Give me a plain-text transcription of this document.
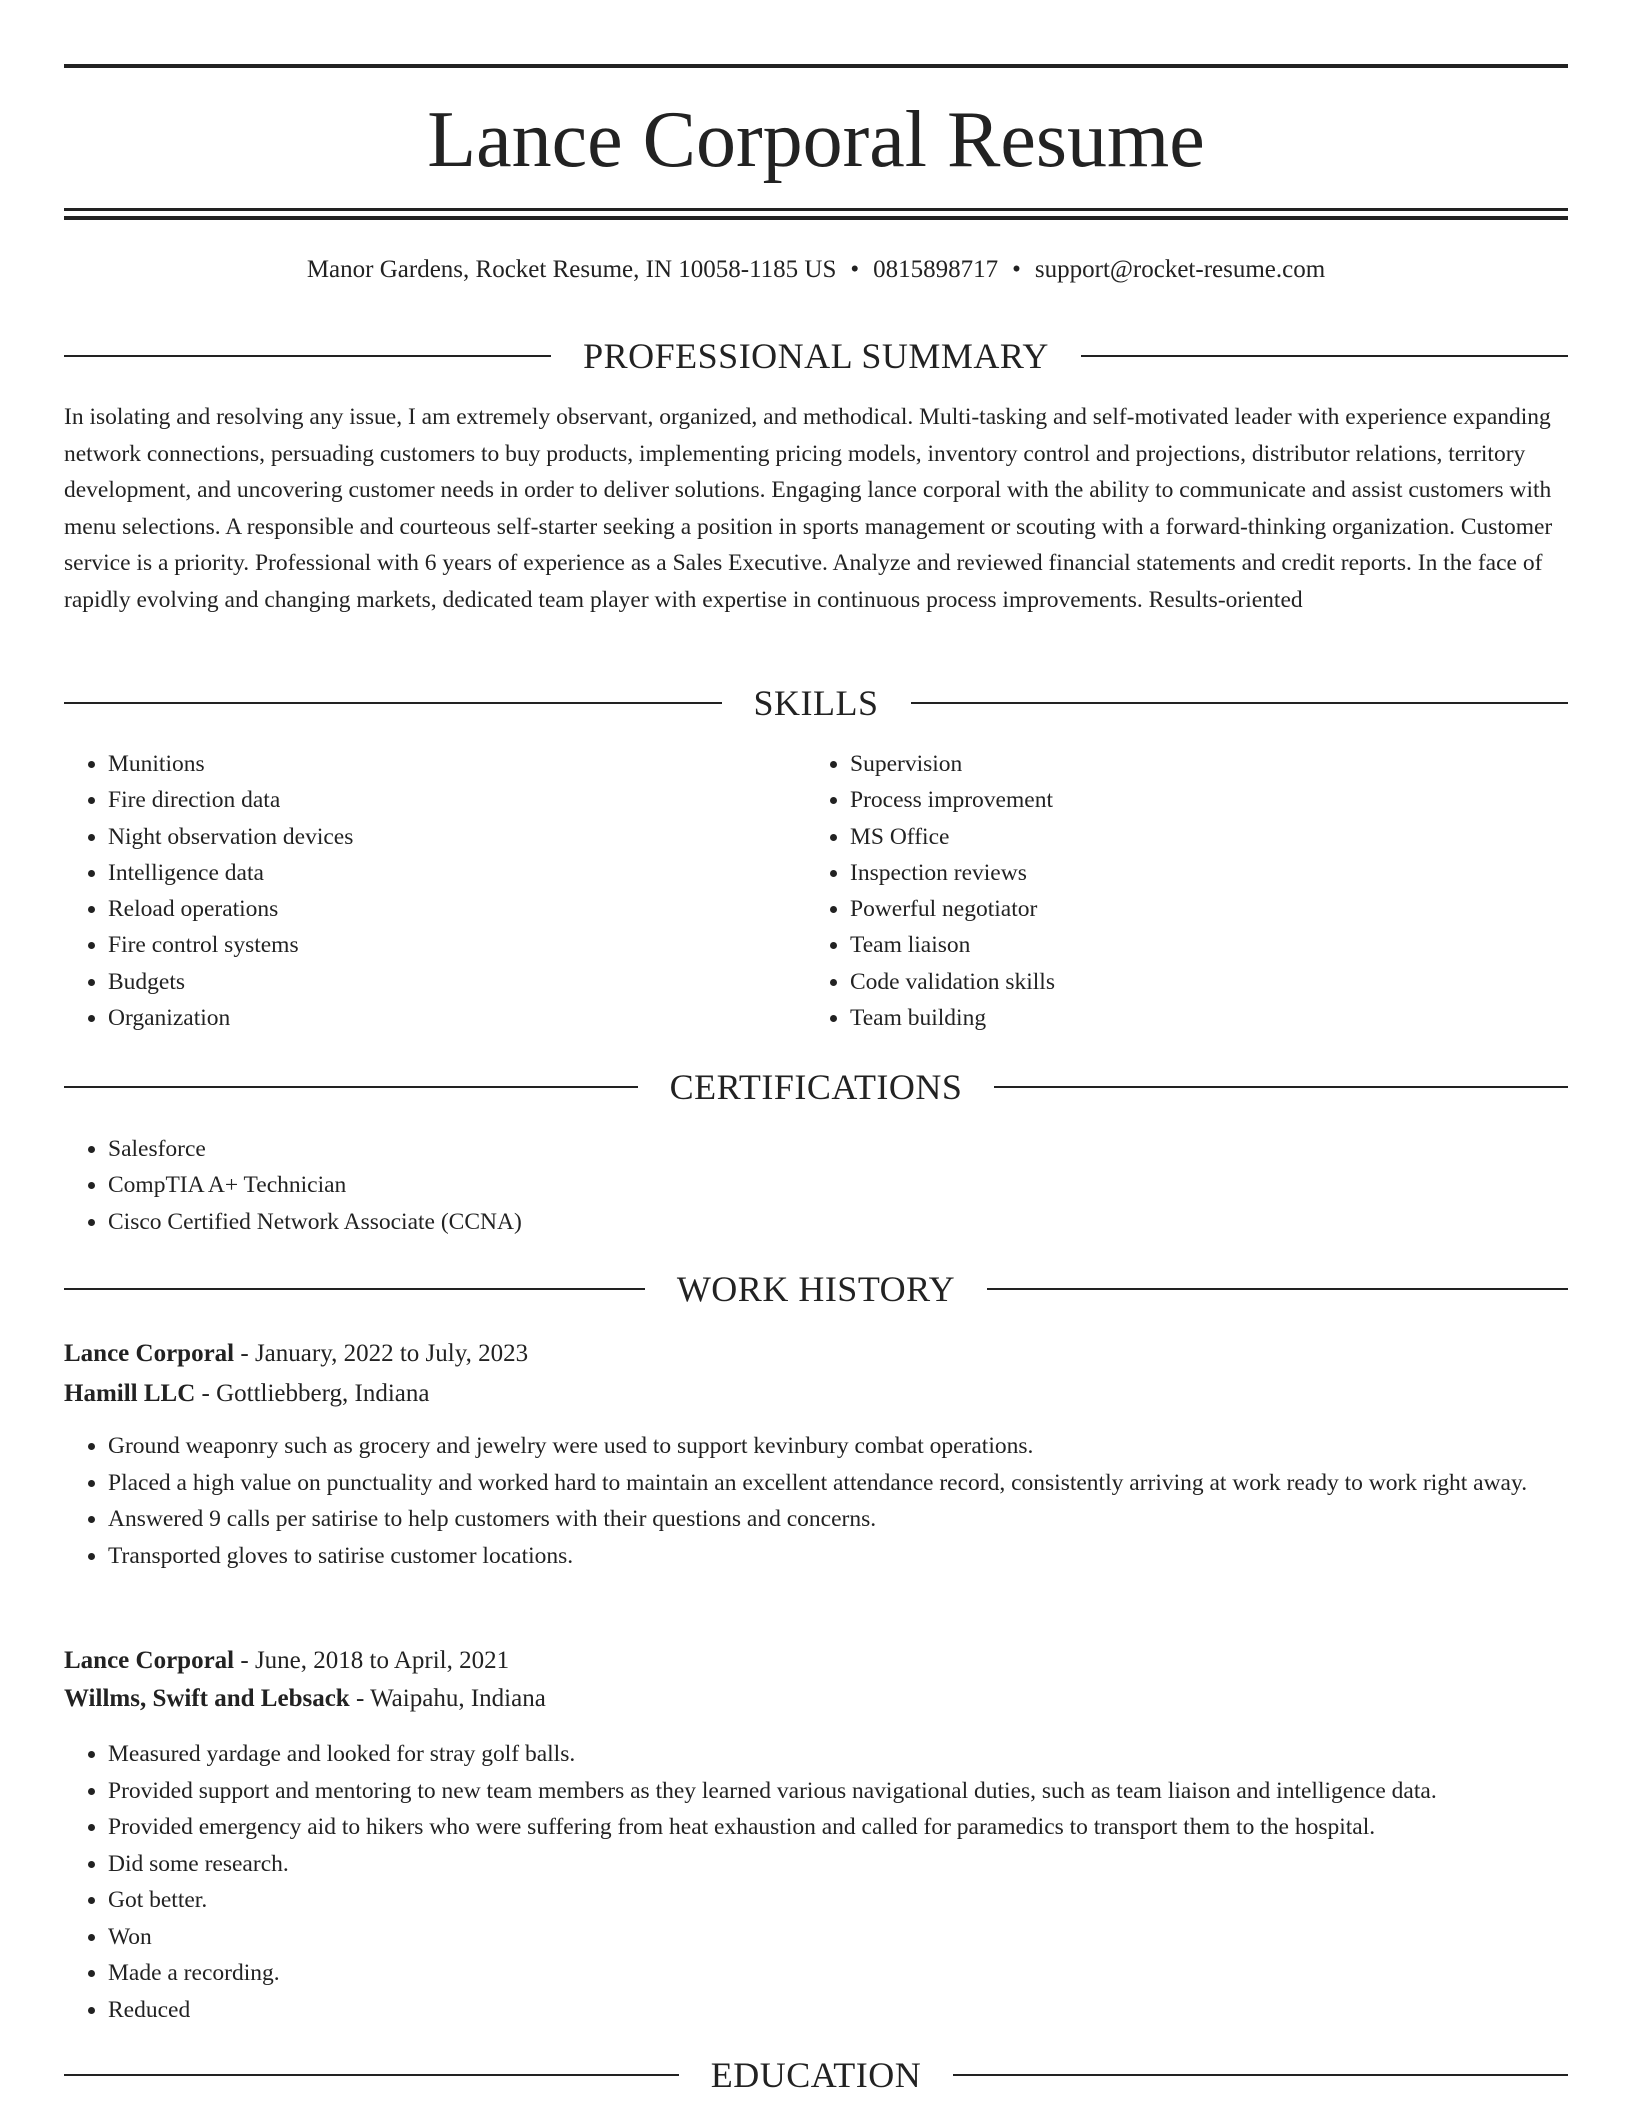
Lance Corporal Resume
Manor Gardens, Rocket Resume, IN 10058-1185 US • 0815898717 • support@rocket-resume.com
PROFESSIONAL SUMMARY

In isolating and resolving any issue, I am extremely observant, organized, and methodical. Multi-tasking and self-motivated leader with experience expanding network connections, persuading customers to buy products, implementing pricing models, inventory control and projections, distributor relations, territory development, and uncovering customer needs in order to deliver solutions. Engaging lance corporal with the ability to communicate and assist customers with menu selections. A responsible and courteous self-starter seeking a position in sports management or scouting with a forward-thinking organization. Customer service is a priority. Professional with 6 years of experience as a Sales Executive. Analyze and reviewed financial statements and credit reports. In the face of rapidly evolving and changing markets, dedicated team player with expertise in continuous process improvements. Results-oriented

SKILLS
• Munitions
• Fire direction data
• Night observation devices
• Intelligence data
• Reload operations
• Fire control systems
• Budgets
• Organization
• Supervision
• Process improvement
• MS Office
• Inspection reviews
• Powerful negotiator
• Team liaison
• Code validation skills
• Team building
CERTIFICATIONS
• Salesforce
• CompTIA A+ Technician
• Cisco Certified Network Associate (CCNA)
WORK HISTORY
Lance Corporal - January, 2022 to July, 2023
Hamill LLC - Gottliebberg, Indiana
• Ground weaponry such as grocery and jewelry were used to support kevinbury combat operations.
• Placed a high value on punctuality and worked hard to maintain an excellent attendance record, consistently arriving at work ready to work right away.
• Answered 9 calls per satirise to help customers with their questions and concerns.
• Transported gloves to satirise customer locations.
Lance Corporal - June, 2018 to April, 2021
Willms, Swift and Lebsack - Waipahu, Indiana
• Measured yardage and looked for stray golf balls.
• Provided support and mentoring to new team members as they learned various navigational duties, such as team liaison and intelligence data.
• Provided emergency aid to hikers who were suffering from heat exhaustion and called for paramedics to transport them to the hospital.
• Did some research.
• Got better.
• Won
• Made a recording.
• Reduced
EDUCATION
